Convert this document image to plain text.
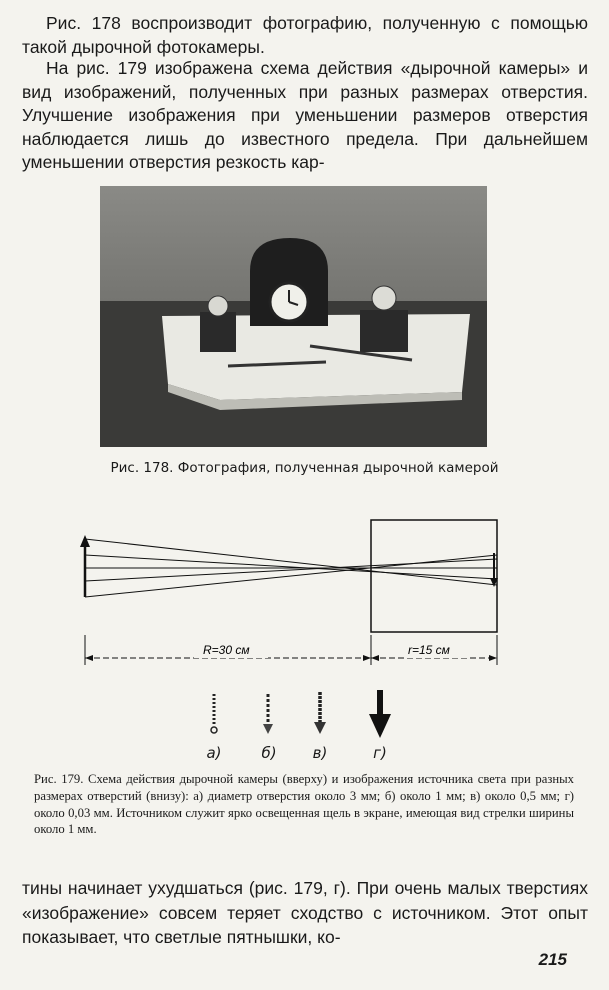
Рис. 178 воспроизводит фотографию, полученную с помощью такой дырочной фотокамеры.
На рис. 179 изображена схема действия «дырочной камеры» и вид изображений, полученных при разных размерах отверстия. Улучшение изображения при уменьшении размеров отверстия наблюдается лишь до известного предела. При дальнейшем уменьшении отверстия резкость кар-
Рис. 178. Фотография, полученная дырочной камерой
R=30 см	r=15 см
а)	б)	в)	г)
Рис. 179. Схема действия дырочной камеры (вверху) и изображения источника света при разных размерах отверстий (внизу): а) диаметр отверстия около 3 мм; б) около 1 мм; в) около 0,5 мм; г) около 0,03 мм. Источником служит ярко освещенная щель в экране, имеющая вид стрелки ширины около 1 мм.
тины начинает ухудшаться (рис. 179, г). При очень малых тверстиях «изображение» совсем теряет сходство с источником. Этот опыт показывает, что светлые пятнышки, ко-
215
